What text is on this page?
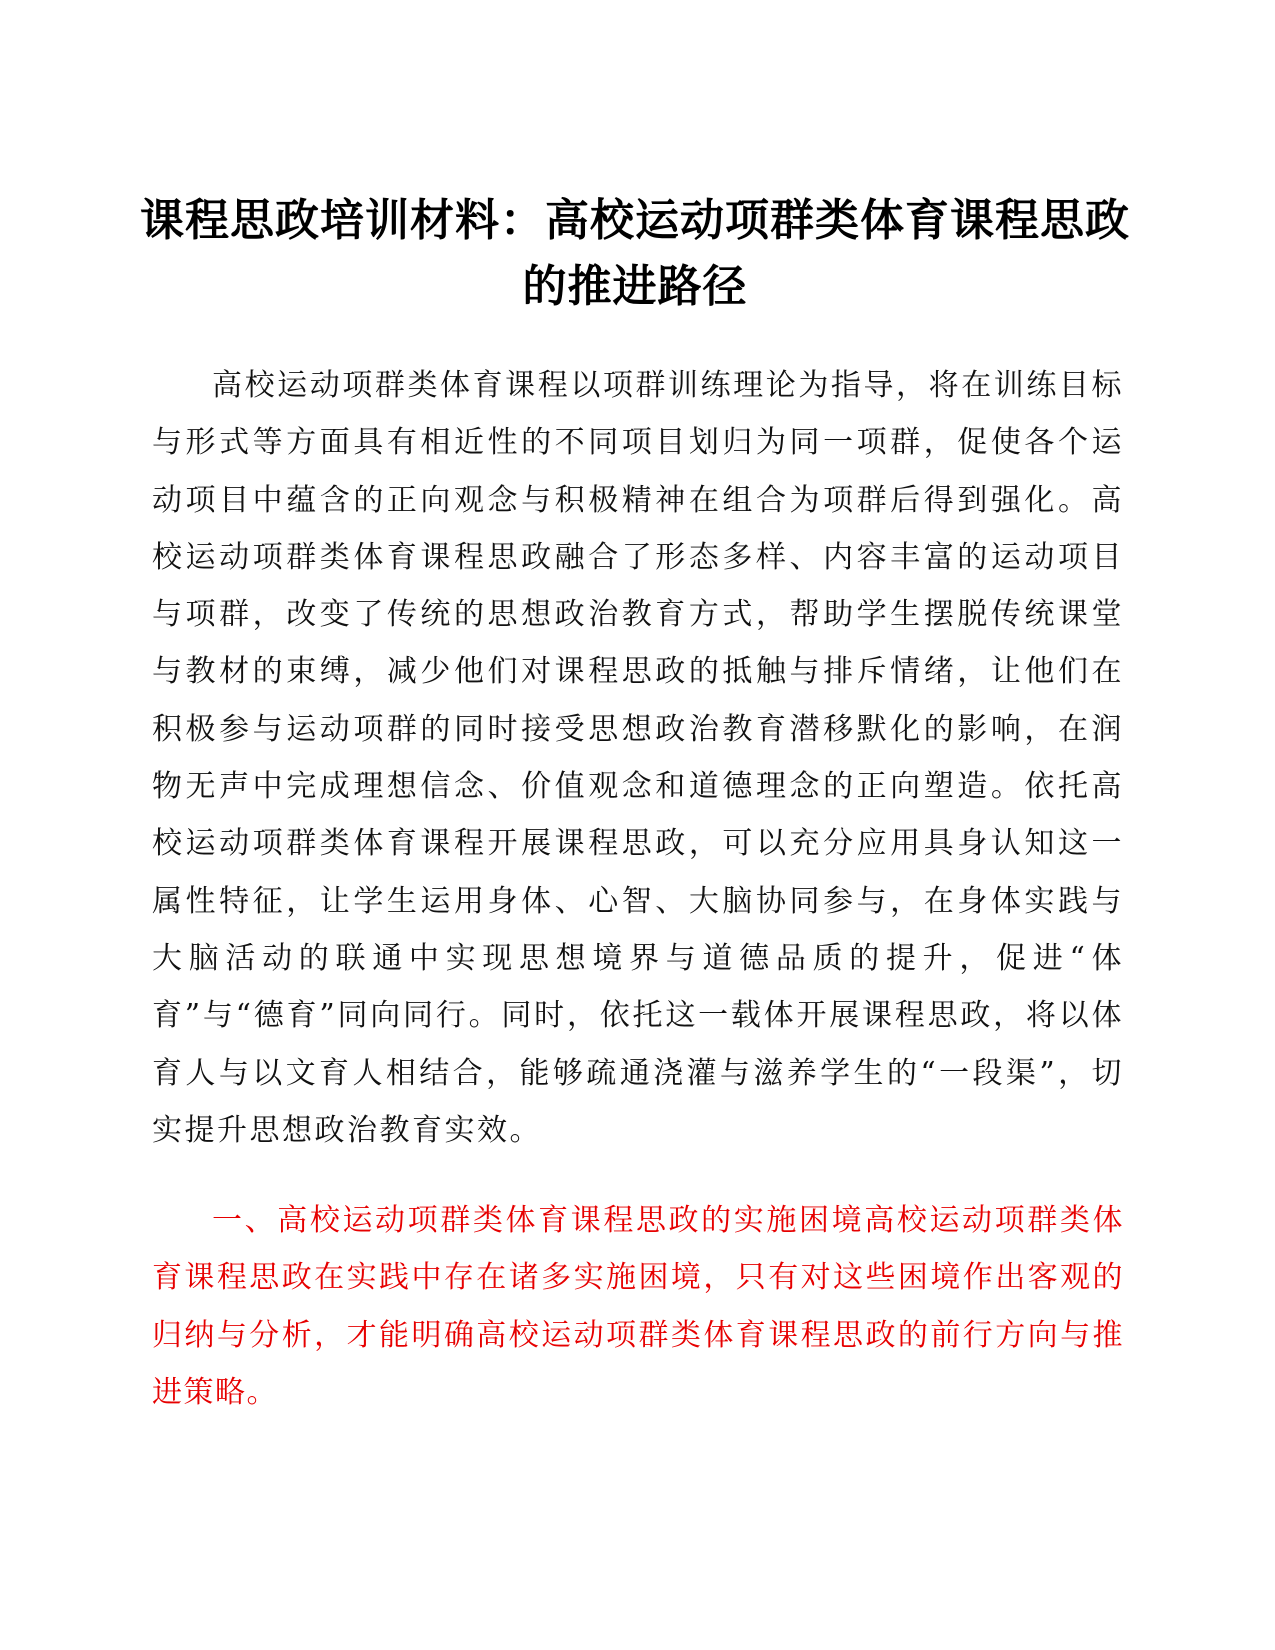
课程思政培训材料：高校运动项群类体育课程思政的推进路径

高校运动项群类体育课程以项群训练理论为指导，将在训练目标与形式等方面具有相近性的不同项目划归为同一项群，促使各个运动项目中蕴含的正向观念与积极精神在组合为项群后得到强化。高校运动项群类体育课程思政融合了形态多样、内容丰富的运动项目与项群，改变了传统的思想政治教育方式，帮助学生摆脱传统课堂与教材的束缚，减少他们对课程思政的抵触与排斥情绪，让他们在积极参与运动项群的同时接受思想政治教育潜移默化的影响，在润物无声中完成理想信念、价值观念和道德理念的正向塑造。依托高校运动项群类体育课程开展课程思政，可以充分应用具身认知这一属性特征，让学生运用身体、心智、大脑协同参与，在身体实践与大脑活动的联通中实现思想境界与道德品质的提升，促进“体育”与“德育”同向同行。同时，依托这一载体开展课程思政，将以体育人与以文育人相结合，能够疏通浇灌与滋养学生的“一段渠”，切实提升思想政治教育实效。

一、高校运动项群类体育课程思政的实施困境高校运动项群类体育课程思政在实践中存在诸多实施困境，只有对这些困境作出客观的归纳与分析，才能明确高校运动项群类体育课程思政的前行方向与推进策略。
